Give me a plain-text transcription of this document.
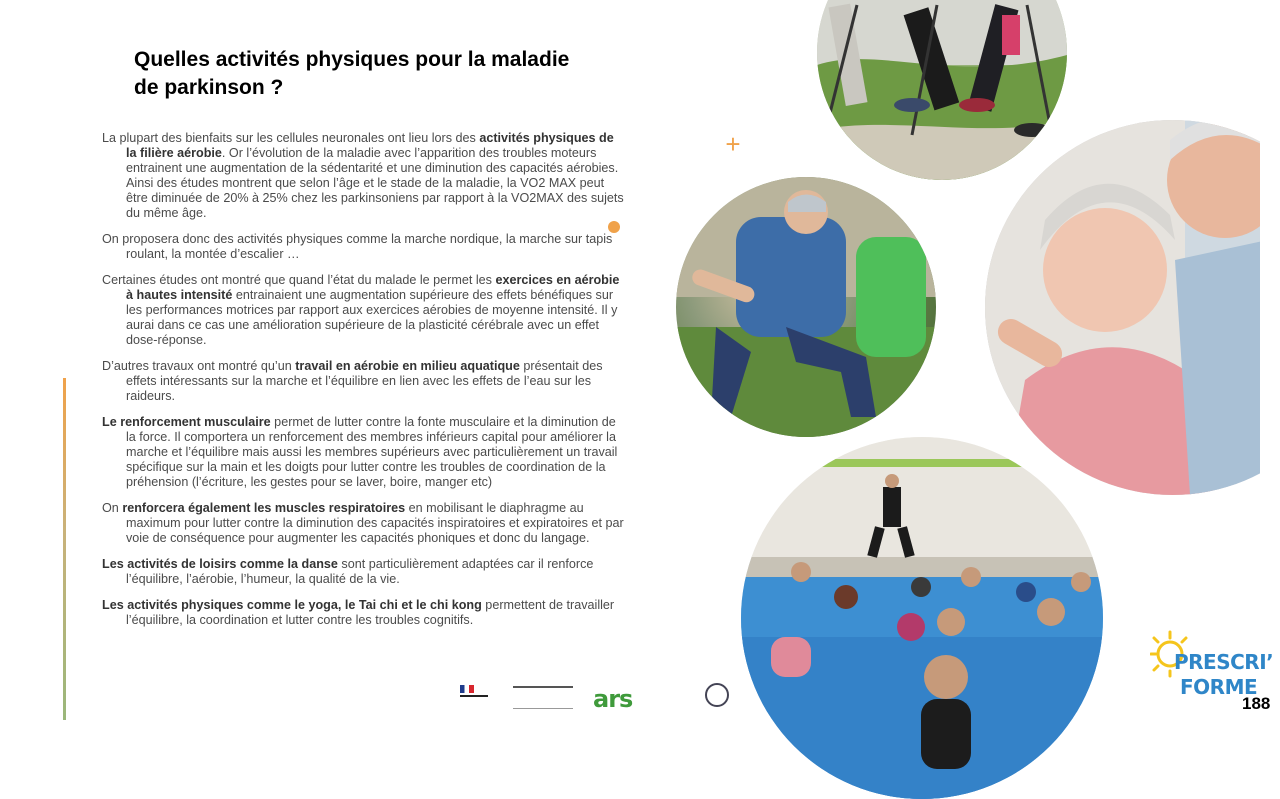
Quelles activités physiques pour la maladie de parkinson ?

La plupart des bienfaits sur les cellules neuronales ont lieu lors des activités physiques de la filière aérobie. Or l’évolution de la maladie avec l’apparition des troubles moteurs entrainent une augmentation de la sédentarité et une diminution des capacités aérobies. Ainsi des études montrent que selon l’âge et le stade de la maladie, la VO2 MAX peut être diminuée de 20% à 25% chez les parkinsoniens par rapport à la VO2MAX des sujets du même âge.

On proposera donc des activités physiques comme la marche nordique, la marche sur tapis roulant, la montée d’escalier …

Certaines études ont montré que quand l’état du malade le permet les exercices en aérobie à hautes intensité entrainaient une augmentation supérieure des effets bénéfiques sur les performances motrices par rapport aux exercices aérobies de moyenne intensité. Il y aurai dans ce cas une amélioration supérieure de la plasticité cérébrale avec un effet dose-réponse.

D’autres travaux ont montré qu’un travail en aérobie en milieu aquatique présentait des effets intéressants sur la marche et l’équilibre en lien avec les effets de l’eau sur les raideurs.

Le renforcement musculaire permet de lutter contre la fonte musculaire et la diminution de la force. Il comportera un renforcement des membres inférieurs capital pour améliorer la marche et l’équilibre mais aussi les membres supérieurs avec particulièrement un travail spécifique sur la main et les doigts pour lutter contre les troubles de coordination de la préhension (l’écriture, les gestes pour se laver, boire, manger etc)

On renforcera également les muscles respiratoires en mobilisant le diaphragme au maximum pour lutter contre la diminution des capacités inspiratoires et expiratoires et par voie de conséquence pour augmenter les capacités phoniques et donc du langage.

Les activités de loisirs comme la danse sont particulièrement adaptées car il renforce l’équilibre, l’aérobie, l’humeur, la qualité de la vie.

Les activités physiques comme le yoga, le Tai chi et le chi kong permettent de travailler l’équilibre, la coordination et lutter contre les troubles cognitifs.

+
ars
PRESCRI’
FORME
188
